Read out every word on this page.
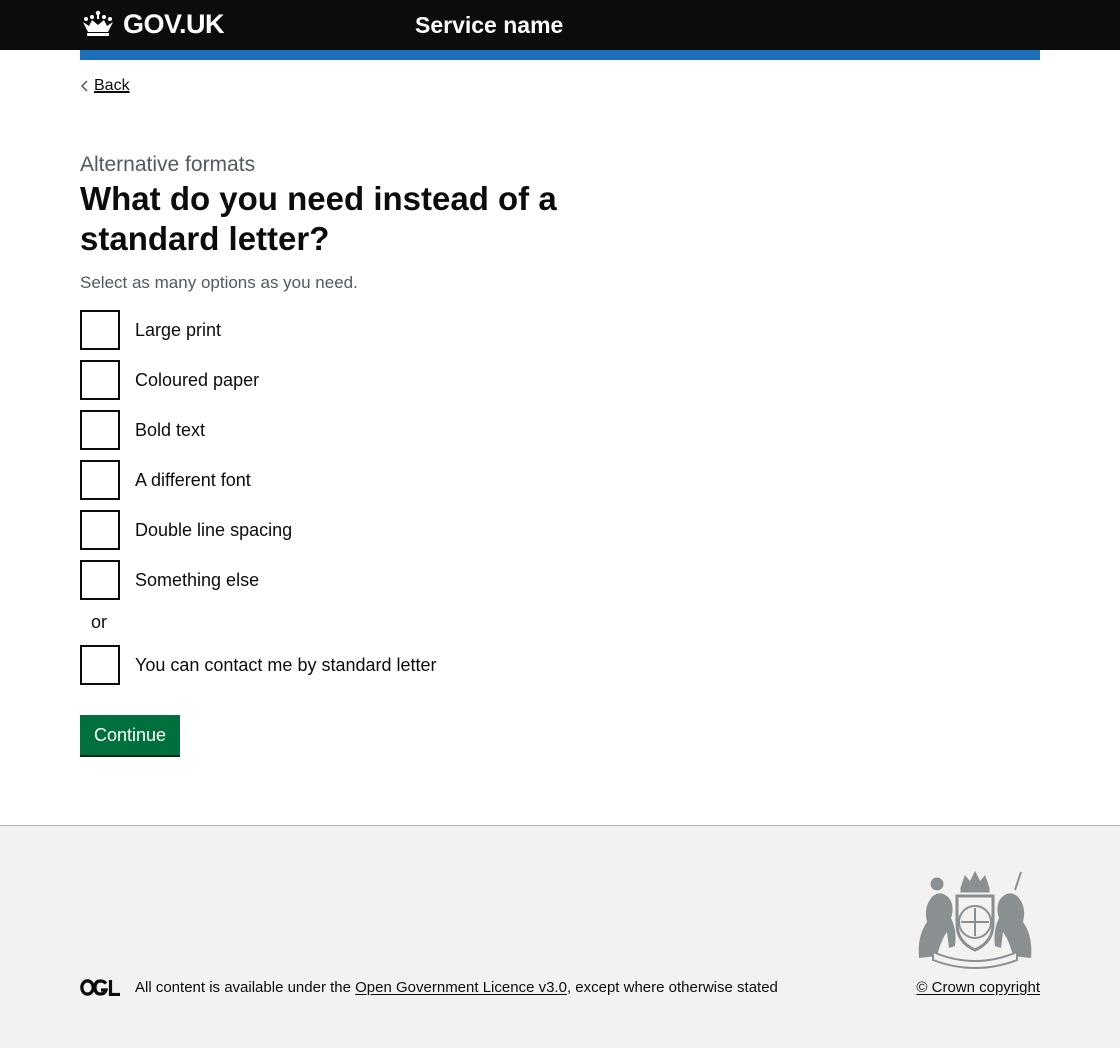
GOV.UK	Service name
Back
Alternative formats
What do you need instead of a standard letter?
Select as many options as you need.
Large print
Coloured paper
Bold text
A different font
Double line spacing
Something else
or
You can contact me by standard letter
Continue
All content is available under the Open Government Licence v3.0, except where otherwise stated	© Crown copyright
